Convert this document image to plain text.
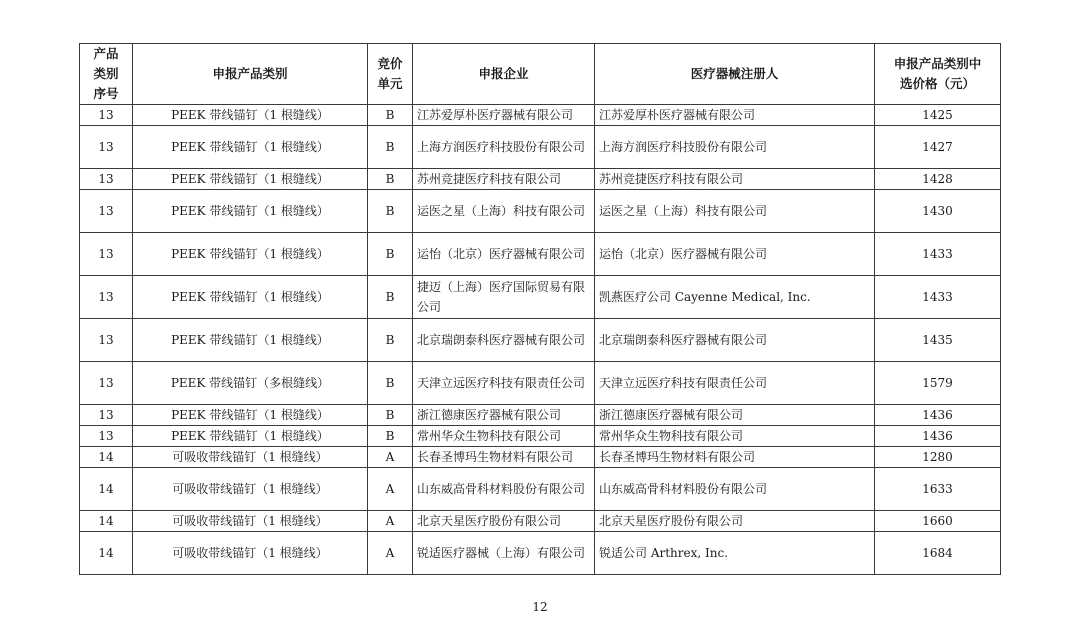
产品类别序号	申报产品类别	竞价单元	申报企业	医疗器械注册人	申报产品类别中选价格（元）
13	PEEK 带线锚钉（1 根缝线）	B	江苏爱厚朴医疗器械有限公司	江苏爱厚朴医疗器械有限公司	1425
13	PEEK 带线锚钉（1 根缝线）	B	上海方润医疗科技股份有限公司	上海方润医疗科技股份有限公司	1427
13	PEEK 带线锚钉（1 根缝线）	B	苏州竞捷医疗科技有限公司	苏州竞捷医疗科技有限公司	1428
13	PEEK 带线锚钉（1 根缝线）	B	运医之星（上海）科技有限公司	运医之星（上海）科技有限公司	1430
13	PEEK 带线锚钉（1 根缝线）	B	运怡（北京）医疗器械有限公司	运怡（北京）医疗器械有限公司	1433
13	PEEK 带线锚钉（1 根缝线）	B	捷迈（上海）医疗国际贸易有限公司	凯燕医疗公司 Cayenne Medical, Inc.	1433
13	PEEK 带线锚钉（1 根缝线）	B	北京瑞朗泰科医疗器械有限公司	北京瑞朗泰科医疗器械有限公司	1435
13	PEEK 带线锚钉（多根缝线）	B	天津立远医疗科技有限责任公司	天津立远医疗科技有限责任公司	1579
13	PEEK 带线锚钉（1 根缝线）	B	浙江德康医疗器械有限公司	浙江德康医疗器械有限公司	1436
13	PEEK 带线锚钉（1 根缝线）	B	常州华众生物科技有限公司	常州华众生物科技有限公司	1436
14	可吸收带线锚钉（1 根缝线）	A	长春圣博玛生物材料有限公司	长春圣博玛生物材料有限公司	1280
14	可吸收带线锚钉（1 根缝线）	A	山东威高骨科材料股份有限公司	山东威高骨科材料股份有限公司	1633
14	可吸收带线锚钉（1 根缝线）	A	北京天星医疗股份有限公司	北京天星医疗股份有限公司	1660
14	可吸收带线锚钉（1 根缝线）	A	锐适医疗器械（上海）有限公司	锐适公司 Arthrex, Inc.	1684
12
